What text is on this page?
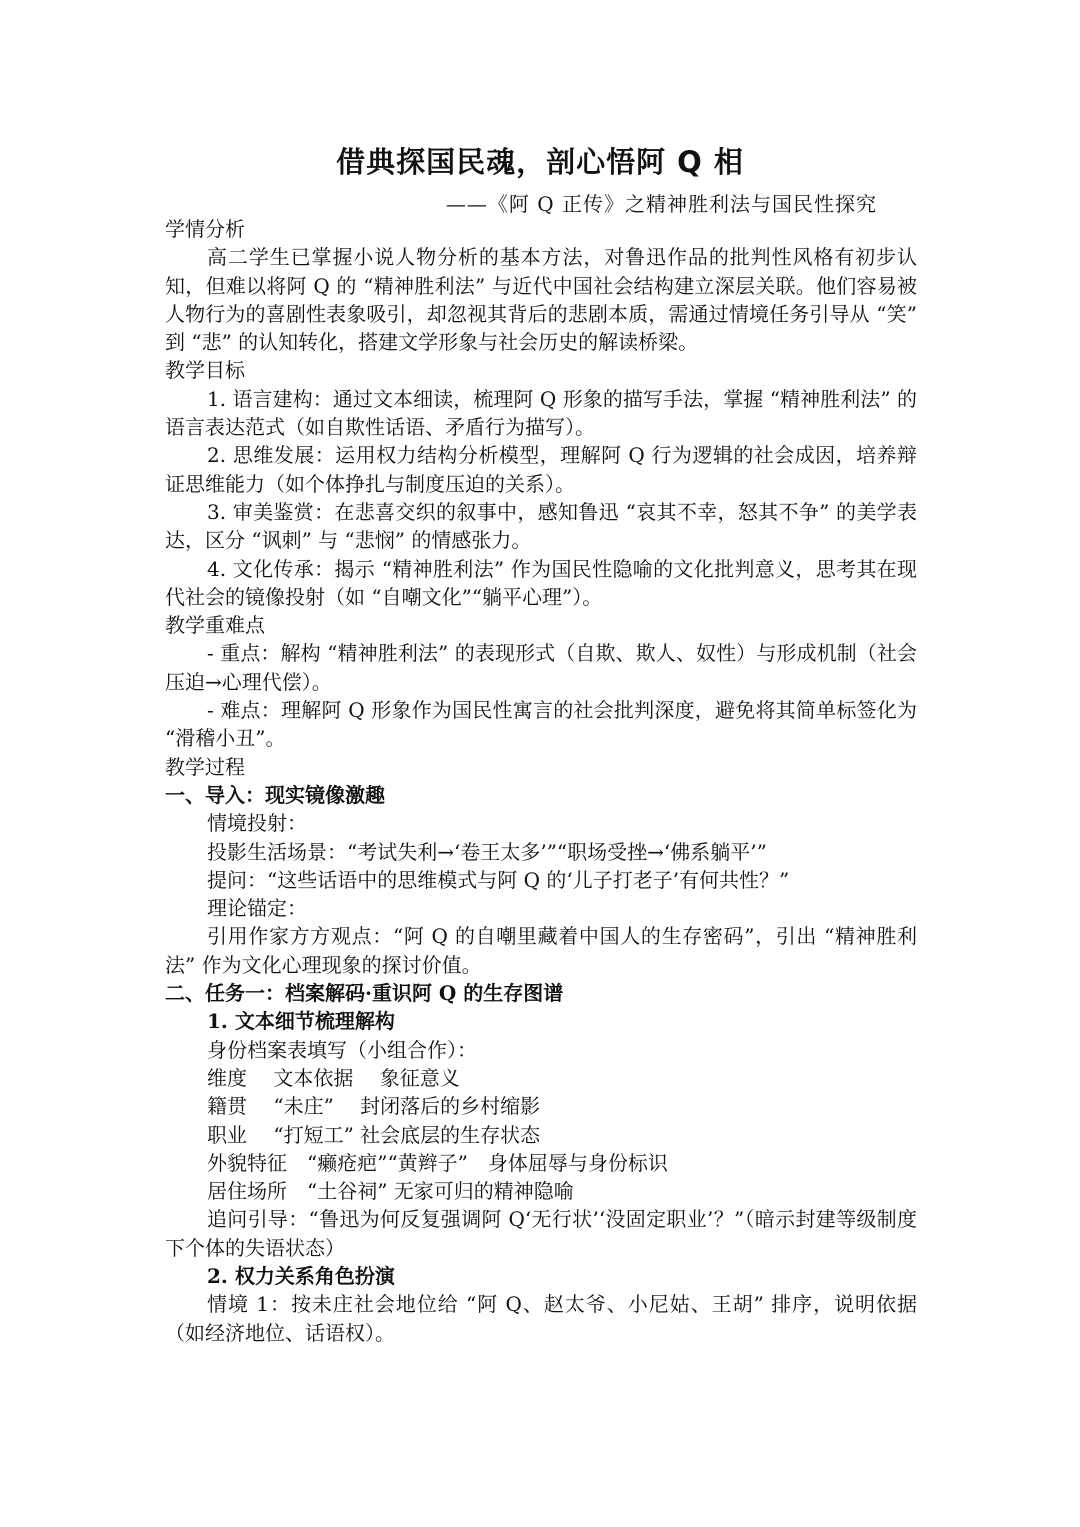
借典探国民魂，剖心悟阿 Q 相
——《阿 Q 正传》之精神胜利法与国民性探究

学情分析

高二学生已掌握小说人物分析的基本方法，对鲁迅作品的批判性风格有初步认知，但难以将阿 Q 的 “精神胜利法” 与近代中国社会结构建立深层关联。他们容易被人物行为的喜剧性表象吸引，却忽视其背后的悲剧本质，需通过情境任务引导从 “笑” 到 “悲” 的认知转化，搭建文学形象与社会历史的解读桥梁。

教学目标

1. 语言建构：通过文本细读，梳理阿 Q 形象的描写手法，掌握 “精神胜利法” 的语言表达范式（如自欺性话语、矛盾行为描写）。

2. 思维发展：运用权力结构分析模型，理解阿 Q 行为逻辑的社会成因，培养辩证思维能力（如个体挣扎与制度压迫的关系）。

3. 审美鉴赏：在悲喜交织的叙事中，感知鲁迅 “哀其不幸，怒其不争” 的美学表达，区分 “讽刺” 与 “悲悯” 的情感张力。

4. 文化传承：揭示 “精神胜利法” 作为国民性隐喻的文化批判意义，思考其在现代社会的镜像投射（如 “自嘲文化”“躺平心理”）。

教学重难点

- 重点：解构 “精神胜利法” 的表现形式（自欺、欺人、奴性）与形成机制（社会压迫→心理代偿）。

- 难点：理解阿 Q 形象作为国民性寓言的社会批判深度，避免将其简单标签化为 “滑稽小丑”。

教学过程

一、导入：现实镜像激趣

情境投射：

投影生活场景：“考试失利→‘卷王太多’”“职场受挫→‘佛系躺平’”

提问：“这些话语中的思维模式与阿 Q 的‘儿子打老子’有何共性？”

理论锚定：

引用作家方方观点：“阿 Q 的自嘲里藏着中国人的生存密码”，引出 “精神胜利法” 作为文化心理现象的探讨价值。

二、任务一：档案解码·重识阿 Q 的生存图谱

1. 文本细节梳理解构

身份档案表填写（小组合作）：

维度　 文本依据　 象征意义

籍贯　 “未庄”　 封闭落后的乡村缩影

职业　 “打短工” 社会底层的生存状态

外貌特征　“癞疮疤”“黄辫子”　身体屈辱与身份标识

居住场所　“土谷祠” 无家可归的精神隐喻

追问引导：“鲁迅为何反复强调阿 Q‘无行状’‘没固定职业’？”（暗示封建等级制度下个体的失语状态）

2. 权力关系角色扮演

情境 1：按未庄社会地位给 “阿 Q、赵太爷、小尼姑、王胡” 排序，说明依据（如经济地位、话语权）。
